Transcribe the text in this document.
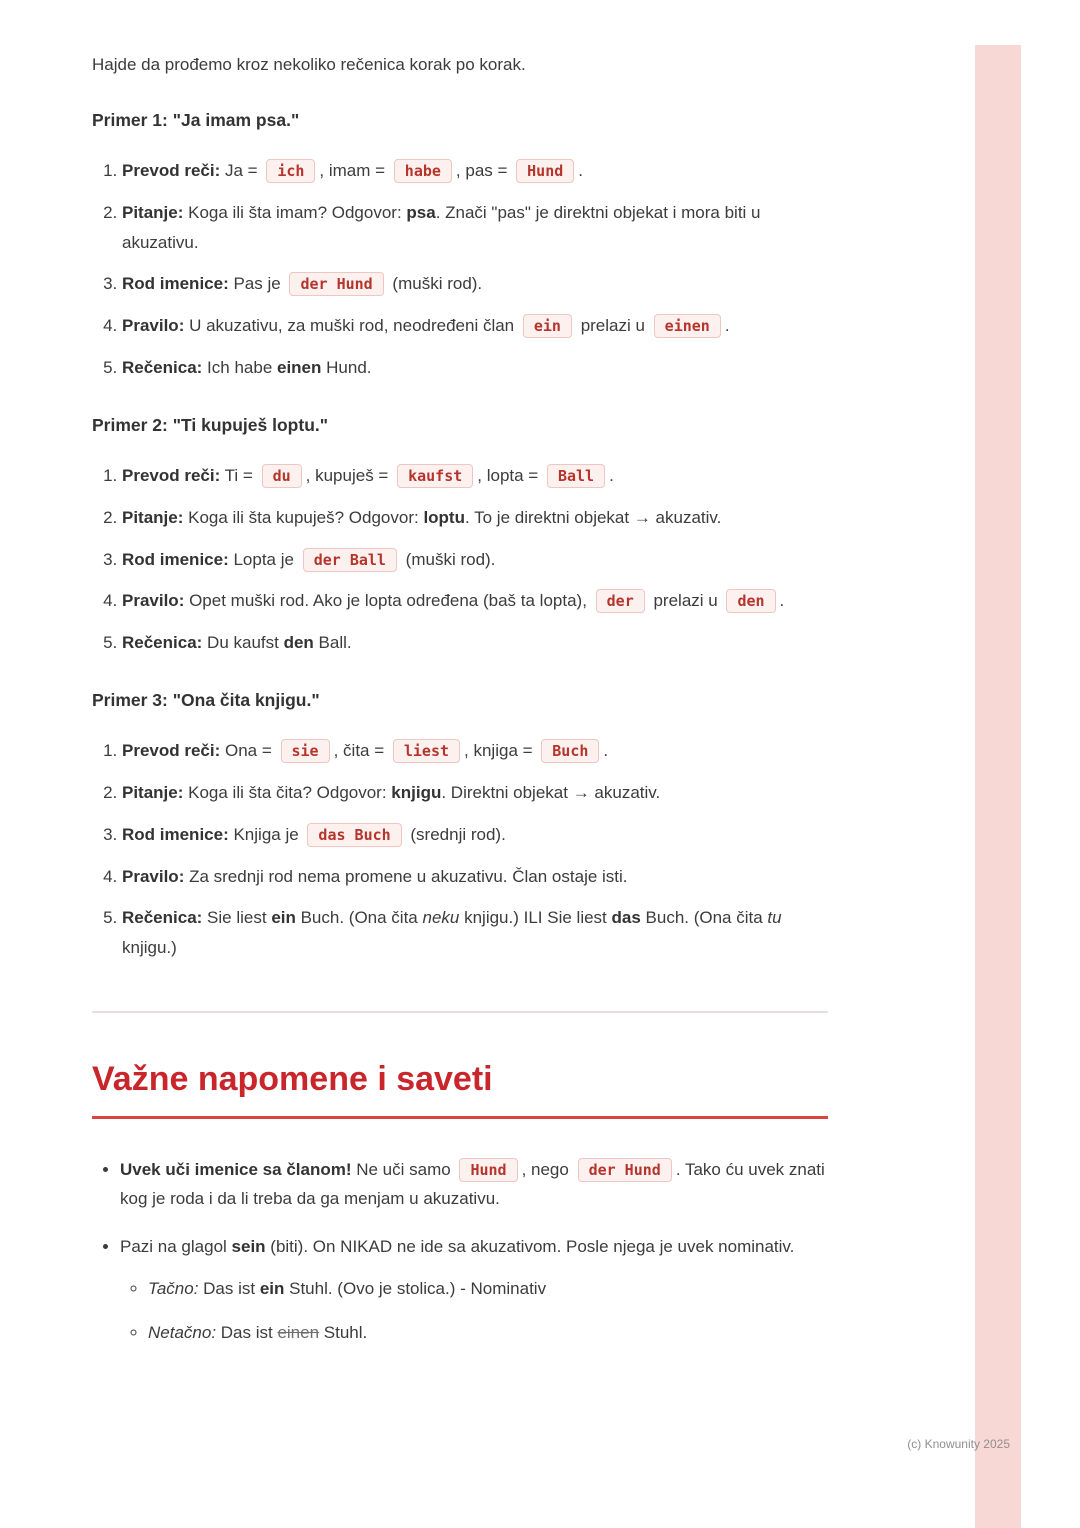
Hajde da prođemo kroz nekoliko rečenica korak po korak.

Primer 1: "Ja imam psa."
1. Prevod reči: Ja = ich , imam = habe , pas = Hund .
2. Pitanje: Koga ili šta imam? Odgovor: psa. Znači "pas" je direktni objekat i mora biti u akuzativu.
3. Rod imenice: Pas je der Hund (muški rod).
4. Pravilo: U akuzativu, za muški rod, neodređeni član ein prelazi u einen .
5. Rečenica: Ich habe einen Hund.
Primer 2: "Ti kupuješ loptu."
1. Prevod reči: Ti = du , kupuješ = kaufst , lopta = Ball .
2. Pitanje: Koga ili šta kupuješ? Odgovor: loptu. To je direktni objekat → akuzativ.
3. Rod imenice: Lopta je der Ball (muški rod).
4. Pravilo: Opet muški rod. Ako je lopta određena (baš ta lopta), der prelazi u den .
5. Rečenica: Du kaufst den Ball.
Primer 3: "Ona čita knjigu."
1. Prevod reči: Ona = sie , čita = liest , knjiga = Buch .
2. Pitanje: Koga ili šta čita? Odgovor: knjigu. Direktni objekat → akuzativ.
3. Rod imenice: Knjiga je das Buch (srednji rod).
4. Pravilo: Za srednji rod nema promene u akuzativu. Član ostaje isti.
5. Rečenica: Sie liest ein Buch. (Ona čita neku knjigu.) ILI Sie liest das Buch. (Ona čita tu knjigu.)
Važne napomene i saveti
• Uvek uči imenice sa članom! Ne uči samo Hund , nego der Hund . Tako ću uvek znati kog je roda i da li treba da ga menjam u akuzativu.
• Pazi na glagol sein (biti). On NIKAD ne ide sa akuzativom. Posle njega je uvek nominativ.
◦ Tačno: Das ist ein Stuhl. (Ovo je stolica.) - Nominativ
◦ Netačno: Das ist einen Stuhl.
(c) Knowunity 2025
